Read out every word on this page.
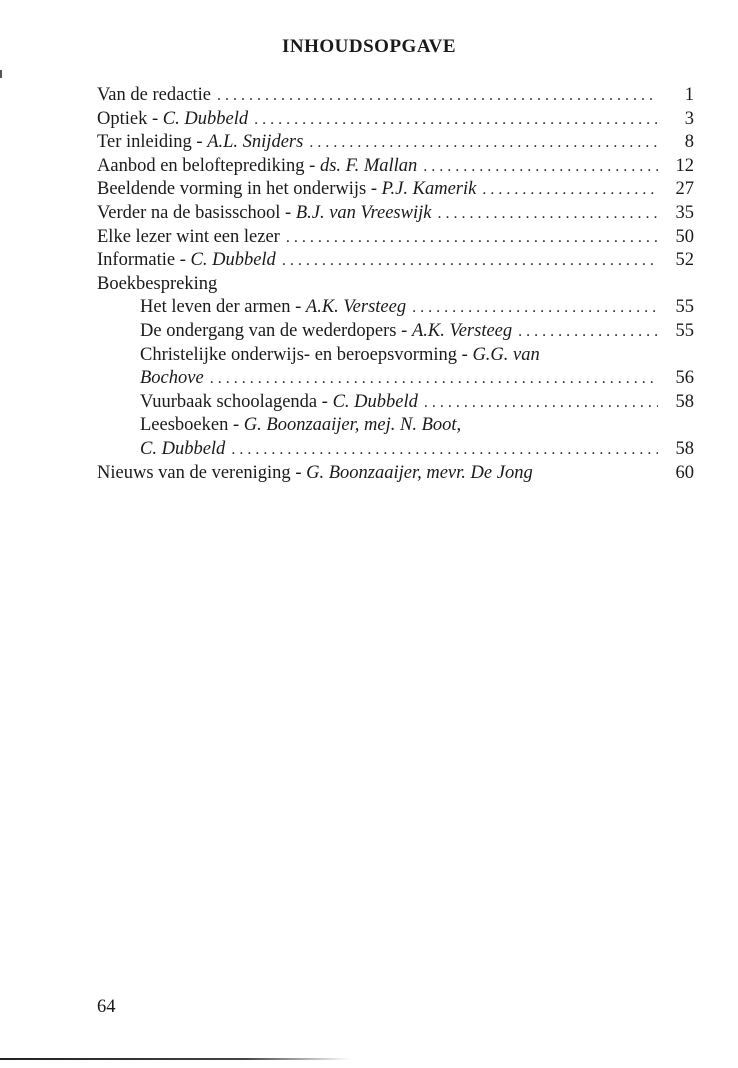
INHOUDSOPGAVE
Van de redactie . . .	1
Optiek - C. Dubbeld . . .	3
Ter inleiding - A.L. Snijders . . .	8
Aanbod en belofteprediking - ds. F. Mallan . . .	12
Beeldende vorming in het onderwijs - P.J. Kamerik . . .	27
Verder na de basisschool - B.J. van Vreeswijk . . .	35
Elke lezer wint een lezer . . .	50
Informatie - C. Dubbeld . . .	52
Boekbespreking
Het leven der armen - A.K. Versteeg . . .	55
De ondergang van de wederdopers - A.K. Versteeg . . .	55
Christelijke onderwijs- en beroepsvorming - G.G. van
Bochove . . .	56
Vuurbaak schoolagenda - C. Dubbeld . . .	58
Leesboeken - G. Boonzaaijer, mej. N. Boot,
C. Dubbeld . . .	58
Nieuws van de vereniging - G. Boonzaaijer, mevr. De Jong	60
64
